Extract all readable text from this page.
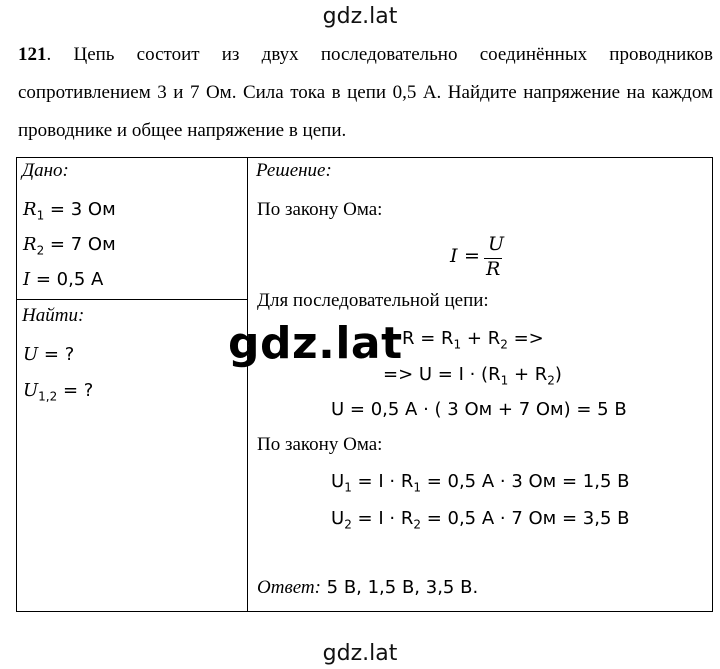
gdz.lat
121. Цепь состоит из двух последовательно соединённых проводников сопротивлением 3 и 7 Ом. Сила тока в цепи 0,5 А. Найдите напряжение на каждом проводнике и общее напряжение в цепи.
Дано:
$R_1 = 3$ Ом
$R_2 = 7$ Ом
I = 0,5 А
Найти:
U = ?
$U_{1,2}$ = ?
Решение:
По закону Ома:
I =
U
R
Для последовательной цепи:
$R = R_1 + R_2$ =>
=> $U = I \cdot (R_1 + R_2)$
U = 0,5 А · ( 3 Ом + 7 Ом) = 5 В
По закону Ома:
$U_1 = I \cdot R_1 = 0,5$ А · 3 Ом = 1,5 В
$U_2 = I \cdot R_2 = 0,5$ А · 7 Ом = 3,5 В
Ответ: 5 В, 1,5 В, 3,5 В.
gdz.lat
gdz.lat
